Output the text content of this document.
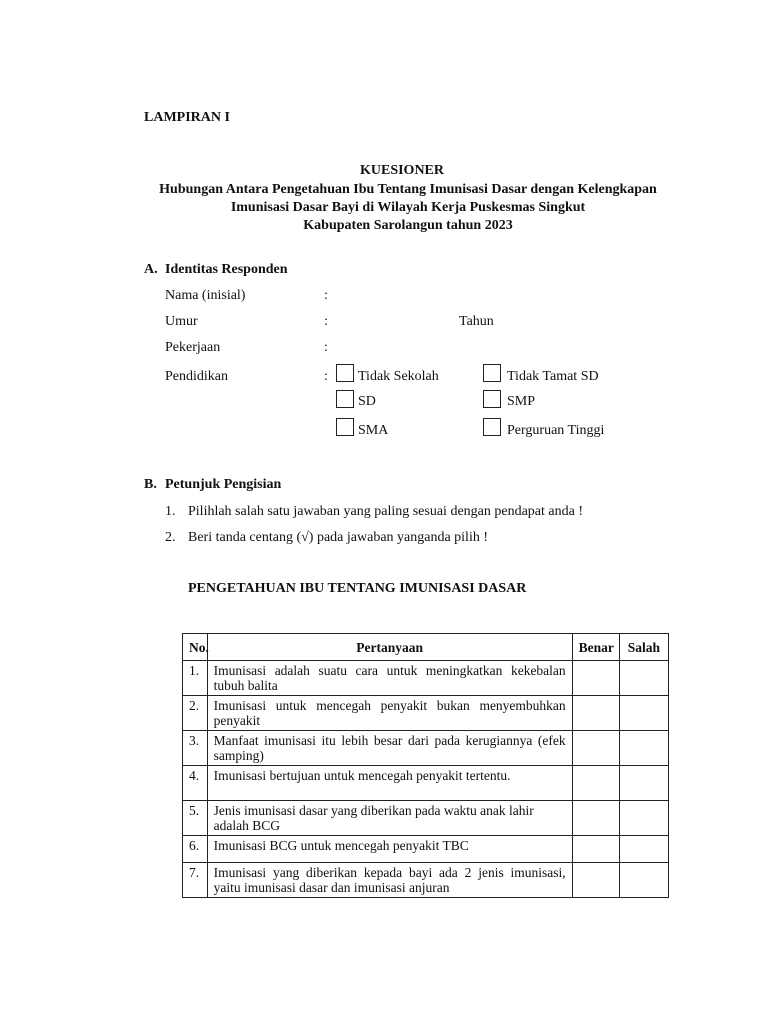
LAMPIRAN I
KUESIONER
Hubungan Antara Pengetahuan Ibu Tentang Imunisasi Dasar dengan Kelengkapan
Imunisasi Dasar Bayi di Wilayah Kerja Puskesmas Singkut
Kabupaten Sarolangun tahun 2023
A. Identitas Responden
Nama (inisial)	:
Umur	:	Tahun
Pekerjaan	:
Pendidikan	: Tidak Sekolah	Tidak Tamat SD
SD	SMP
SMA	Perguruan Tinggi
B. Petunjuk Pengisian
1. Pilihlah salah satu jawaban yang paling sesuai dengan pendapat anda !
2. Beri tanda centang (√) pada jawaban yanganda pilih !
PENGETAHUAN IBU TENTANG IMUNISASI DASAR
No.	Pertanyaan	Benar	Salah
1.	Imunisasi adalah suatu cara untuk meningkatkan kekebalan tubuh balita		
2.	Imunisasi untuk mencegah penyakit bukan menyembuhkan penyakit		
3.	Manfaat imunisasi itu lebih besar dari pada kerugiannya (efek samping)		
4.	Imunisasi bertujuan untuk mencegah penyakit tertentu.		
5.	Jenis imunisasi dasar yang diberikan pada waktu anak lahir adalah BCG		
6.	Imunisasi BCG untuk mencegah penyakit TBC		
7.	Imunisasi yang diberikan kepada bayi ada 2 jenis imunisasi, yaitu imunisasi dasar dan imunisasi anjuran		
